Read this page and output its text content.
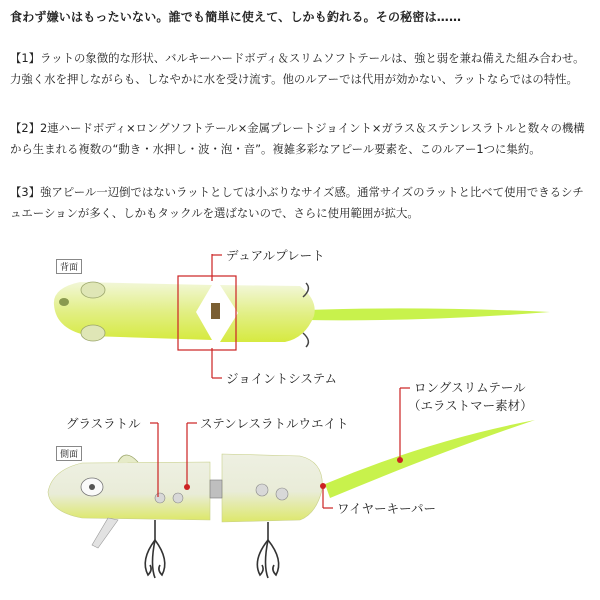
食わず嫌いはもったいない。誰でも簡単に使えて、しかも釣れる。その秘密は……
【1】ラットの象徴的な形状、バルキーハードボディ＆スリムソフトテールは、強と弱を兼ね備えた組み合わせ。力強く水を押しながらも、しなやかに水を受け流す。他のルアーでは代用が効かない、ラットならではの特性。
【2】2連ハードボディ×ロングソフトテール×金属プレートジョイント×ガラス＆ステンレスラトルと数々の機構から生まれる複数の“動き・水押し・波・泡・音”。複雑多彩なアピール要素を、このルアー1つに集約。
【3】強アピール一辺倒ではないラットとしては小ぶりなサイズ感。通常サイズのラットと比べて使用できるシチュエーションが多く、しかもタックルを選ばないので、さらに使用範囲が拡大。
背面
側面
デュアルプレート
ジョイントシステム
ロングスリムテール
（エラストマー素材）
グラスラトル	ステンレスラトルウエイト
ワイヤーキーパー
